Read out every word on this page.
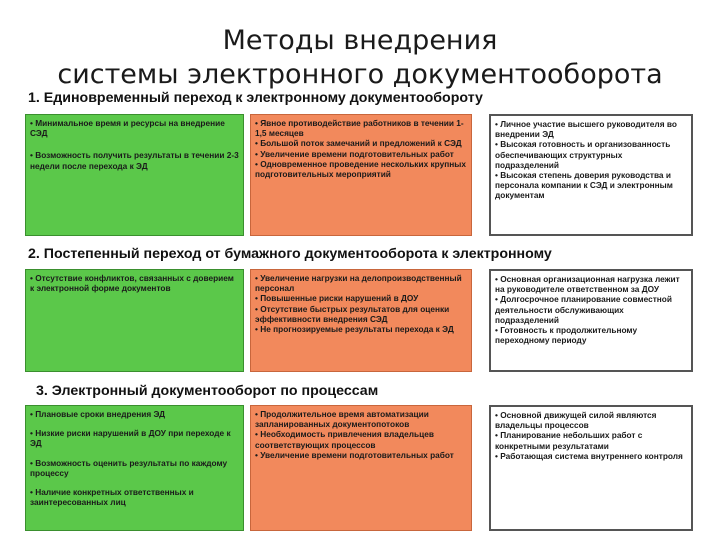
Методы внедрения
системы электронного документооборота
1. Единовременный переход к электронному документообороту

• Минимальное время и ресурсы на внедрение СЭД

• Возможность получить результаты в течении 2-3 недели после перехода к ЭД

• Явное противодействие работников в течении 1-1,5 месяцев

• Большой поток замечаний и предложений к СЭД

• Увеличение времени подготовительных работ

• Одновременное проведение нескольких крупных подготовительных мероприятий

• Личное участие высшего руководителя во внедрении ЭД

• Высокая готовность и организованность обеспечивающих структурных подразделений

• Высокая степень доверия руководства и персонала компании к СЭД и электронным документам

2. Постепенный переход от бумажного документооборота к электронному

• Отсутствие конфликтов, связанных с доверием к электронной форме документов

• Увеличение нагрузки на делопроизводственный персонал

• Повышенные риски нарушений в ДОУ

• Отсутствие быстрых результатов для оценки эффективности внедрения СЭД

• Не прогнозируемые результаты перехода к ЭД

• Основная организационная нагрузка лежит на руководителе ответственном за ДОУ

• Долгосрочное планирование совместной деятельности обслуживающих подразделений

• Готовность к продолжительному переходному периоду

3. Электронный документооборот по процессам

• Плановые сроки внедрения ЭД

• Низкие риски нарушений в ДОУ при переходе к ЭД

• Возможность оценить результаты по каждому процессу

• Наличие конкретных ответственных и заинтересованных лиц

• Продолжительное время автоматизации запланированных документопотоков

• Необходимость привлечения владельцев соответствующих процессов

• Увеличение времени подготовительных работ

• Основной движущей силой являются владельцы процессов

• Планирование небольших работ с конкретными результатами

• Работающая система внутреннего контроля
